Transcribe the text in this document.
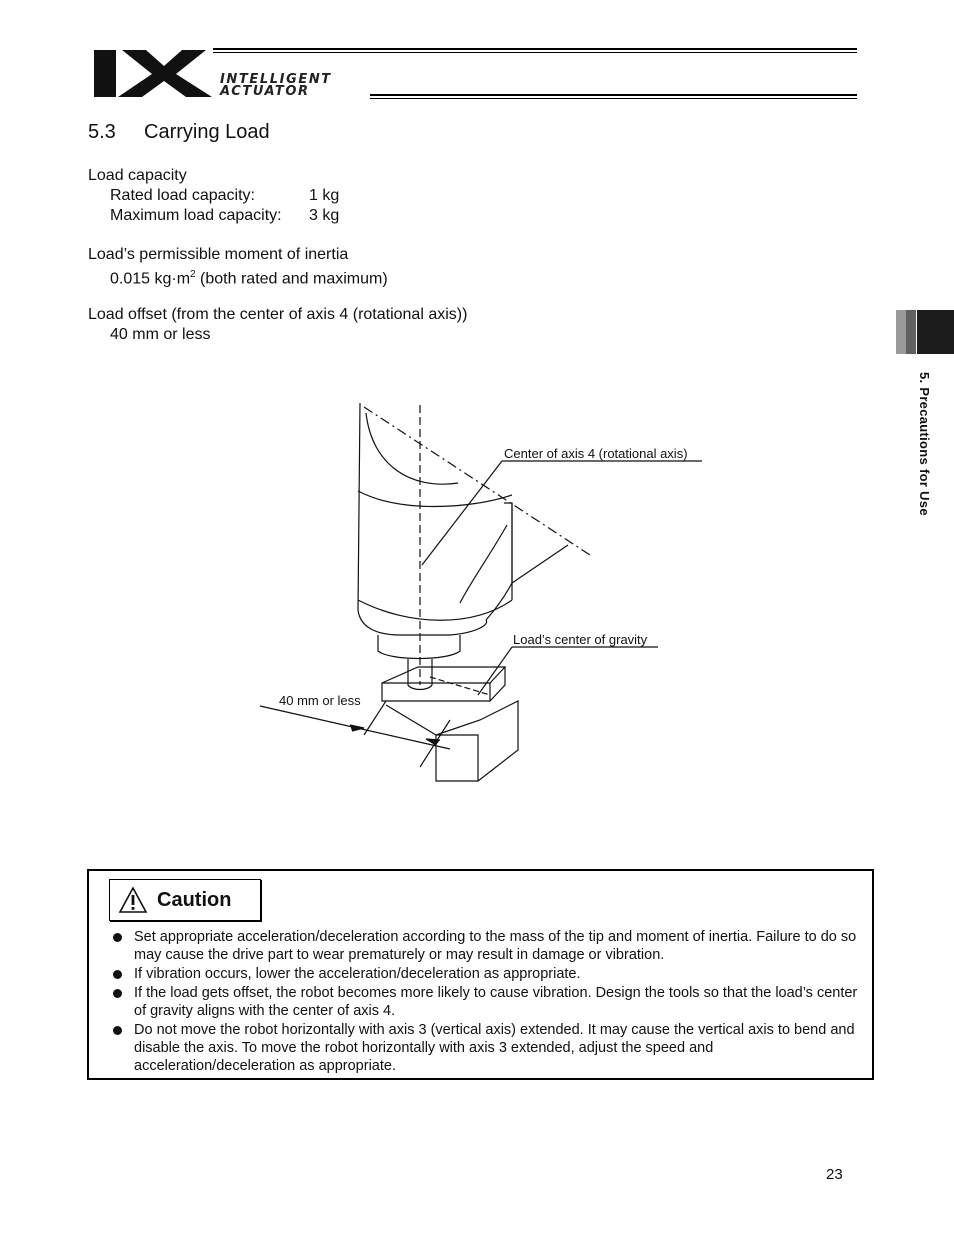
INTELLIGENT
ACTUATOR
5.3 Carrying Load
Load capacity
Rated load capacity:	1 kg
Maximum load capacity: 3 kg
Load’s permissible moment of inertia
0.015 $kg\cdot m^2$ (both rated and maximum)
Load offset (from the center of axis 4 (rotational axis))
40 mm or less
5. Precautions for Use
Center of axis 4 (rotational axis)
Load’s center of gravity
40 mm or less
Caution
Set appropriate acceleration/deceleration according to the mass of the tip and moment of inertia. Failure to do so may cause the drive part to wear prematurely or may result in damage or vibration.
If vibration occurs, lower the acceleration/deceleration as appropriate.
If the load gets offset, the robot becomes more likely to cause vibration. Design the tools so that the load’s center of gravity aligns with the center of axis 4.
Do not move the robot horizontally with axis 3 (vertical axis) extended. It may cause the vertical axis to bend and disable the axis. To move the robot horizontally with axis 3 extended, adjust the speed and acceleration/deceleration as appropriate.
23
